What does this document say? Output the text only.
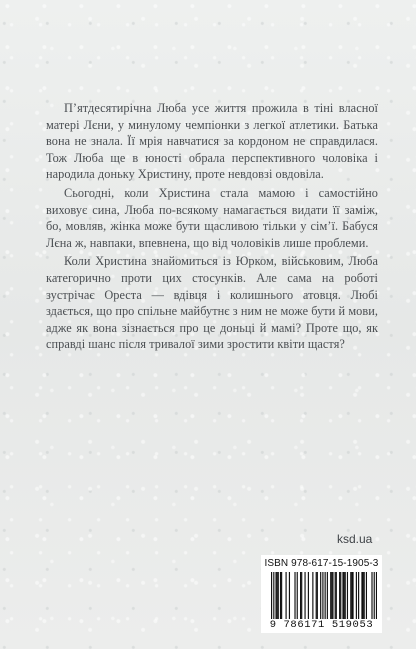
П’ятдесятирічна Люба усе життя прожила в тіні власної матері Лєни, у минулому чемпіонки з легкої атлетики. Батька вона не знала. Її мрія навчатися за кордоном не справдилася. Тож Люба ще в юності обрала перспективного чоловіка і народила доньку Христину, проте невдовзі овдовіла.

Сьогодні, коли Христина стала мамою і самостійно виховує сина, Люба по-всякому намагається видати її заміж, бо, мовляв, жінка може бути щасливою тільки у сім’ї. Бабуся Лєна ж, навпаки, впевнена, що від чоловіків лише проблеми.

Коли Христина знайомиться із Юрком, військовим, Люба категорично проти цих стосунків. Але сама на роботі зустрічає Ореста — вдівця і колишнього атовця. Любі здається, що про спільне майбутнє з ним не може бути й мови, адже як вона зізнається про це доньці й мамі? Проте що, як справді шанс після тривалої зими зростити квіти щастя?

ksd.ua
ISBN 978-617-15-1905-3
9 786171 519053
